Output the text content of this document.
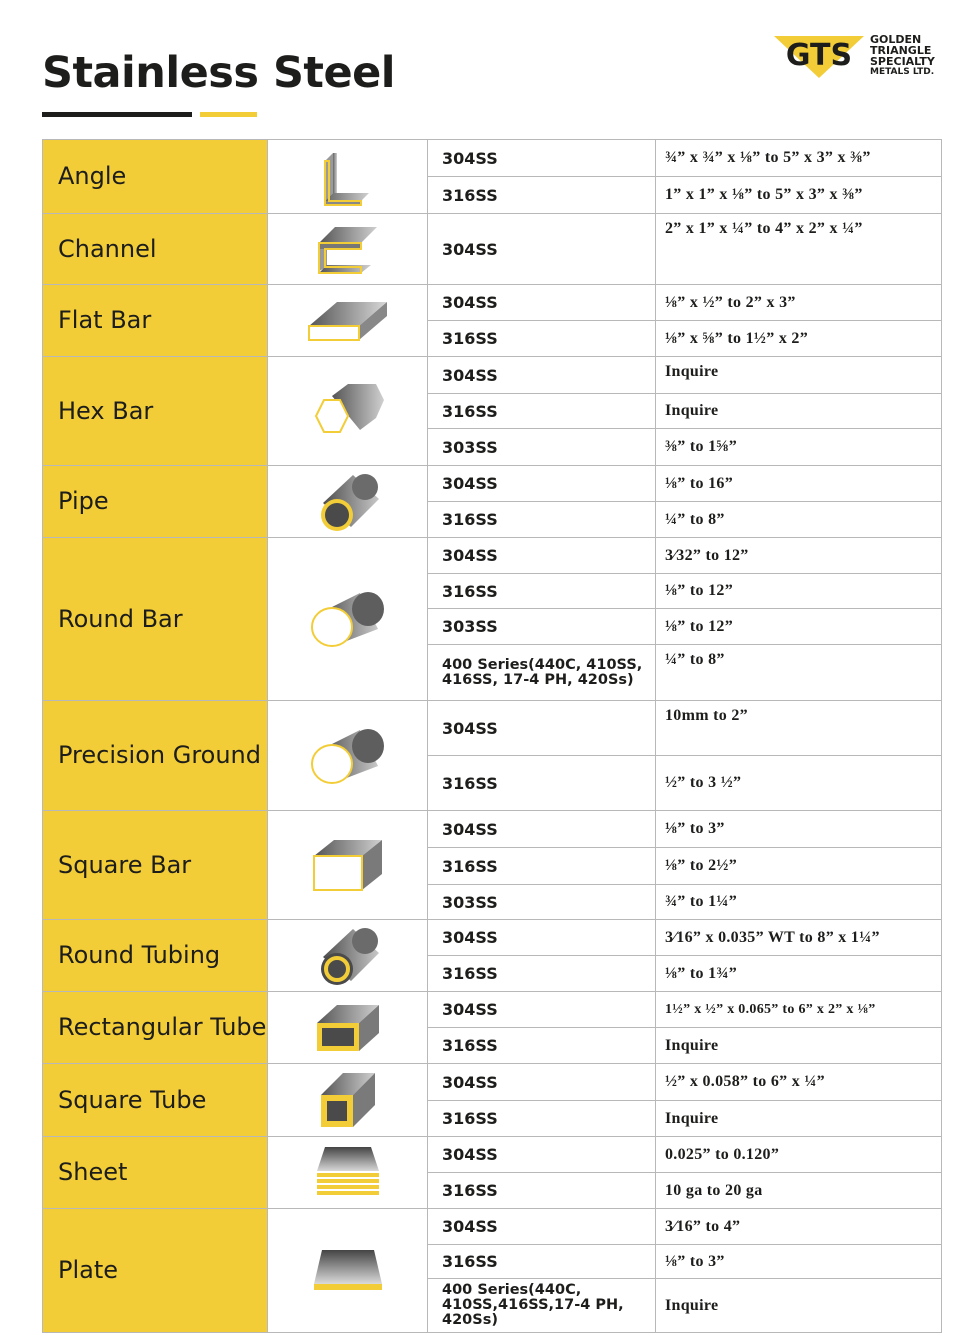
Stainless Steel	GTS GOLDEN
TRIANGLE
SPECIALTY
METALS LTD.
Angle		304SS	¾” x ¾” x ⅛” to 5” x 3” x ⅜”
		316SS	1” x 1” x ⅛” to 5” x 3” x ⅜”
Channel		304SS	2” x 1” x ¼” to 4” x 2” x ¼”
Flat Bar		304SS	⅛” x ½” to 2” x 3”
		316SS	⅛” x ⅝” to 1½” x 2”
Hex Bar		304SS	Inquire
		316SS	Inquire
		303SS	⅜” to 1⅝”
Pipe		304SS	⅛” to 16”
		316SS	¼” to 8”
Round Bar		304SS	3⁄32” to 12”
		316SS	⅛” to 12”
		303SS	⅛” to 12”
		400 Series(440C, 410SS, 416SS, 17-4 PH, 420Ss)	¼” to 8”
Precision Ground		304SS	10mm to 2”
		316SS	½” to 3 ½”
Square Bar		304SS	⅛” to 3”
		316SS	⅛” to 2½”
		303SS	¾” to 1¼”
Round Tubing		304SS	3⁄16” x 0.035” WT to 8” x 1¼”
		316SS	⅛” to 1¾”
Rectangular Tube		304SS	1½” x ½” x 0.065” to 6” x 2” x ⅛”
		316SS	Inquire
Square Tube		304SS	½” x 0.058” to 6” x ¼”
		316SS	Inquire
Sheet		304SS	0.025” to 0.120”
		316SS	10 ga to 20 ga
Plate		304SS	3⁄16” to 4”
		316SS	⅛” to 3”
		400 Series(440C, 410SS,416SS,17-4 PH, 420Ss)	Inquire
